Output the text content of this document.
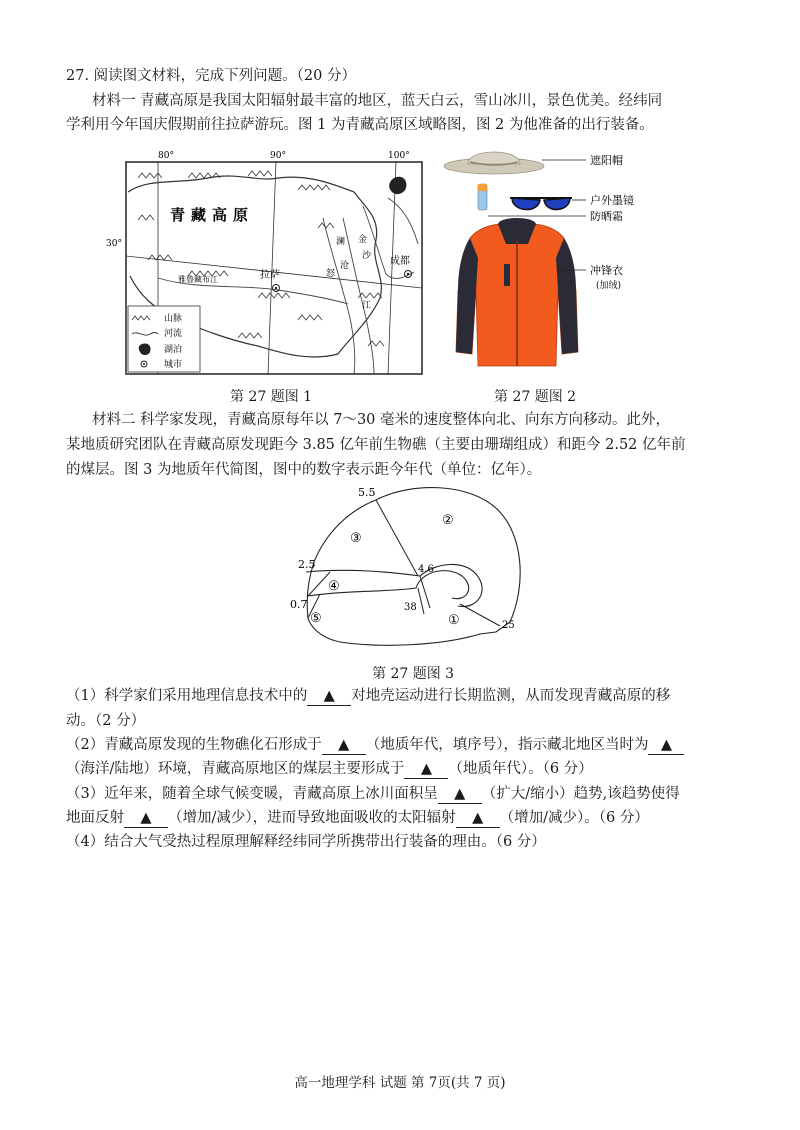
27. 阅读图文材料，完成下列问题。（20 分）
材料一 青藏高原是我国太阳辐射最丰富的地区，蓝天白云，雪山冰川，景色优美。经纬同
学利用今年国庆假期前往拉萨游玩。图 1 为青藏高原区域略图，图 2 为他准备的出行装备。
80°	90°	100°
30°
青藏高原
澜
沧
江
金
沙
怒
雅鲁藏布江	拉萨
成都
山脉
河流
湖泊
城市
第 27 题图 1
遮阳帽
防晒霜
户外墨镜
冲锋衣
(加绒)
第 27 题图 2
材料二 科学家发现，青藏高原每年以 7～30 毫米的速度整体向北、向东方向移动。此外，
某地质研究团队在青藏高原发现距今 3.85 亿年前生物礁（主要由珊瑚组成）和距今 2.52 亿年前
的煤层。图 3 为地质年代简图，图中的数字表示距今年代（单位：亿年）。
5.5
2.5
0.7
4.6
38
25
①
②
③
④
⑤
第 27 题图 3
（1）科学家们采用地理信息技术中的 ▲ 对地壳运动进行长期监测，从而发现青藏高原的移
动。（2 分）
（2）青藏高原发现的生物礁化石形成于 ▲ （地质年代，填序号），指示藏北地区当时为 ▲
（海洋/陆地）环境，青藏高原地区的煤层主要形成于 ▲ （地质年代）。（6 分）
（3）近年来，随着全球气候变暖，青藏高原上冰川面积呈 ▲ （扩大/缩小）趋势,该趋势使得
地面反射 ▲ （增加/减少），进而导致地面吸收的太阳辐射 ▲ （增加/减少）。（6 分）
（4）结合大气受热过程原理解释经纬同学所携带出行装备的理由。（6 分）
高一地理学科 试题 第 7页(共 7 页)
